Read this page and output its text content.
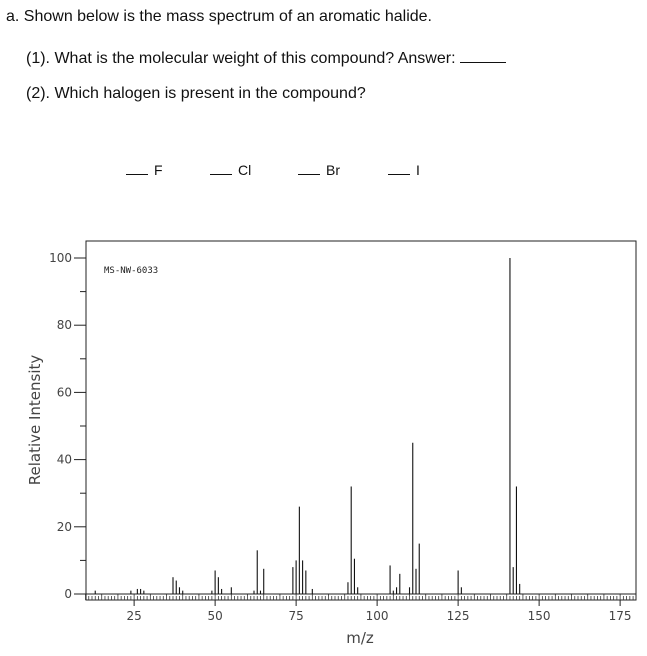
a. Shown below is the mass spectrum of an aromatic halide.
(1). What is the molecular weight of this compound? Answer:
(2). Which halogen is present in the compound?
F	Cl	Br	I
25	50	75	100	125	150	175
0
20
40
60
80
100
MS-NW-6033
m/z
Relative Intensity
